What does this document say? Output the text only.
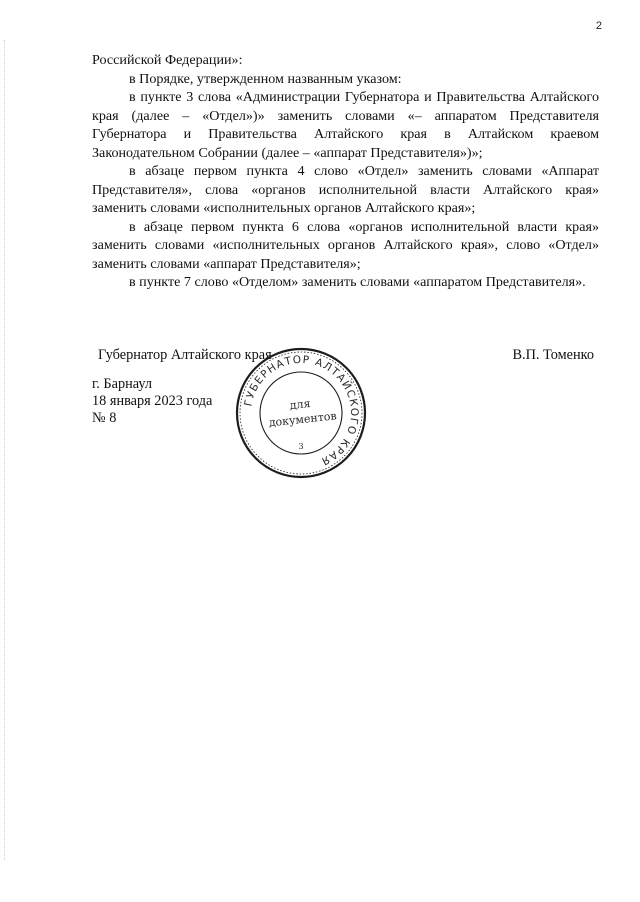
2

Российской Федерации»:

в Порядке, утвержденном названным указом:

в пункте 3 слова «Администрации Губернатора и Правительства Алтайского края (далее – «Отдел»)» заменить словами «– аппаратом Представителя Губернатора и Правительства Алтайского края в Алтайском краевом Законодательном Собрании (далее – «аппарат Представителя»)»;

в абзаце первом пункта 4 слово «Отдел» заменить словами «Аппарат Представителя», слова «органов исполнительной власти Алтайского края» заменить словами «исполнительных органов Алтайского края»;

в абзаце первом пункта 6 слова «органов исполнительной власти края» заменить словами «исполнительных органов Алтайского края», слово «Отдел» заменить словами «аппарат Представителя»;

в пункте 7 слово «Отделом» заменить словами «аппаратом Представителя».

Губернатор Алтайского края	В.П. Томенко
г. Барнаул
18 января 2023 года
№ 8
ГУБЕРНАТОР АЛТАЙСКОГО КРАЯ
для
документов
3
